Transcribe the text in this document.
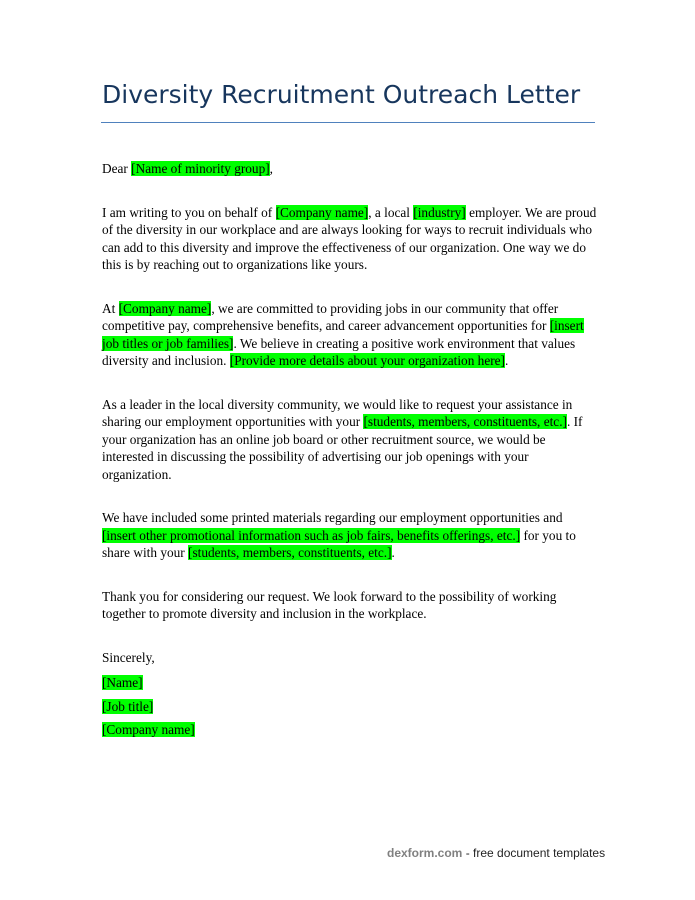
Diversity Recruitment Outreach Letter

Dear [Name of minority group],

I am writing to you on behalf of [Company name], a local [industry] employer. We are proud of the diversity in our workplace and are always looking for ways to recruit individuals who can add to this diversity and improve the effectiveness of our organization. One way we do this is by reaching out to organizations like yours.

At [Company name], we are committed to providing jobs in our community that offer competitive pay, comprehensive benefits, and career advancement opportunities for [insert job titles or job families]. We believe in creating a positive work environment that values diversity and inclusion. [Provide more details about your organization here].

As a leader in the local diversity community, we would like to request your assistance in sharing our employment opportunities with your [students, members, constituents, etc.]. If your organization has an online job board or other recruitment source, we would be interested in discussing the possibility of advertising our job openings with your organization.

We have included some printed materials regarding our employment opportunities and [insert other promotional information such as job fairs, benefits offerings, etc.] for you to share with your [students, members, constituents, etc.].

Thank you for considering our request. We look forward to the possibility of working together to promote diversity and inclusion in the workplace.

Sincerely,

[Name]

[Job title]

[Company name]

dexform.com - free document templates
